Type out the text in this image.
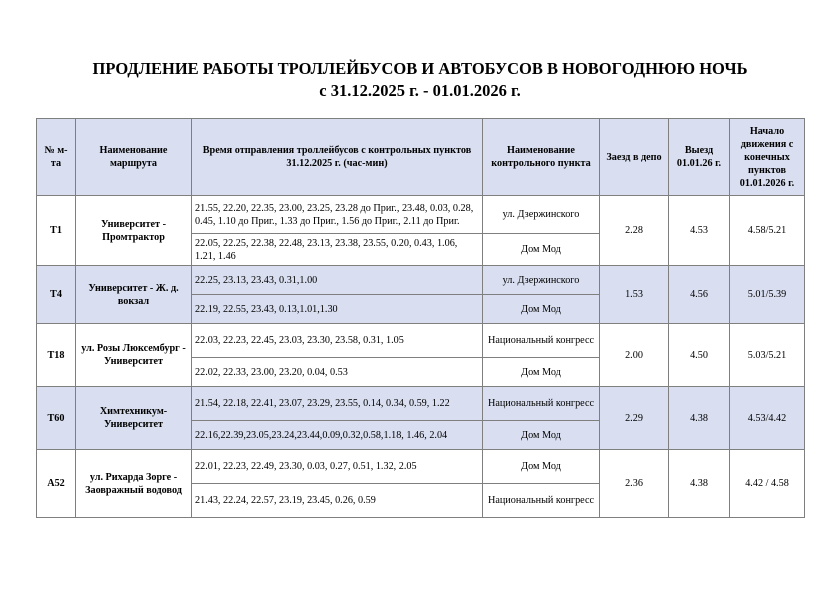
ПРОДЛЕНИЕ РАБОТЫ ТРОЛЛЕЙБУСОВ И АВТОБУСОВ В НОВОГОДНЮЮ НОЧЬ
с 31.12.2025 г. - 01.01.2026 г.
№ м-та	Наименование маршрута	Время отправления троллейбусов с контрольных пунктов 31.12.2025 г. (час-мин)	Наименование контрольного пункта	Заезд в депо	Выезд 01.01.26 г.	Начало движения с конечных пунктов 01.01.2026 г.
Т1	Университет - Промтрактор	21.55, 22.20, 22.35, 23.00, 23.25, 23.28 до Приг., 23.48, 0.03, 0.28, 0.45, 1.10 до Приг., 1.33 до Приг., 1.56 до Приг., 2.11 до Приг.	ул. Дзержинского	2.28	4.53	4.58/5.21
		22.05, 22.25, 22.38, 22.48, 23.13, 23.38, 23.55, 0.20, 0.43, 1.06, 1.21, 1.46	Дом Мод			
Т4	Университет - Ж. д. вокзал	22.25, 23.13, 23.43, 0.31,1.00	ул. Дзержинского	1.53	4.56	5.01/5.39
		22.19, 22.55, 23.43, 0.13,1.01,1.30	Дом Мод			
Т18	ул. Розы Люксембург - Университет	22.03, 22.23, 22.45, 23.03, 23.30, 23.58, 0.31, 1.05	Национальный конгресс	2.00	4.50	5.03/5.21
		22.02, 22.33, 23.00, 23.20, 0.04, 0.53	Дом Мод			
Т60	Химтехникум- Университет	21.54, 22.18, 22.41, 23.07, 23.29, 23.55, 0.14, 0.34, 0.59, 1.22	Национальный конгресс	2.29	4.38	4.53/4.42
		22.16,22.39,23.05,23.24,23.44,0.09,0.32,0.58,1.18, 1.46, 2.04	Дом Мод			
А52	ул. Рихарда Зорге - Заовражный водовод	22.01, 22.23, 22.49, 23.30, 0.03, 0.27, 0.51, 1.32, 2.05	Дом Мод	2.36	4.38	4.42 / 4.58
		21.43, 22.24, 22.57, 23.19, 23.45, 0.26, 0.59	Национальный конгресс			
